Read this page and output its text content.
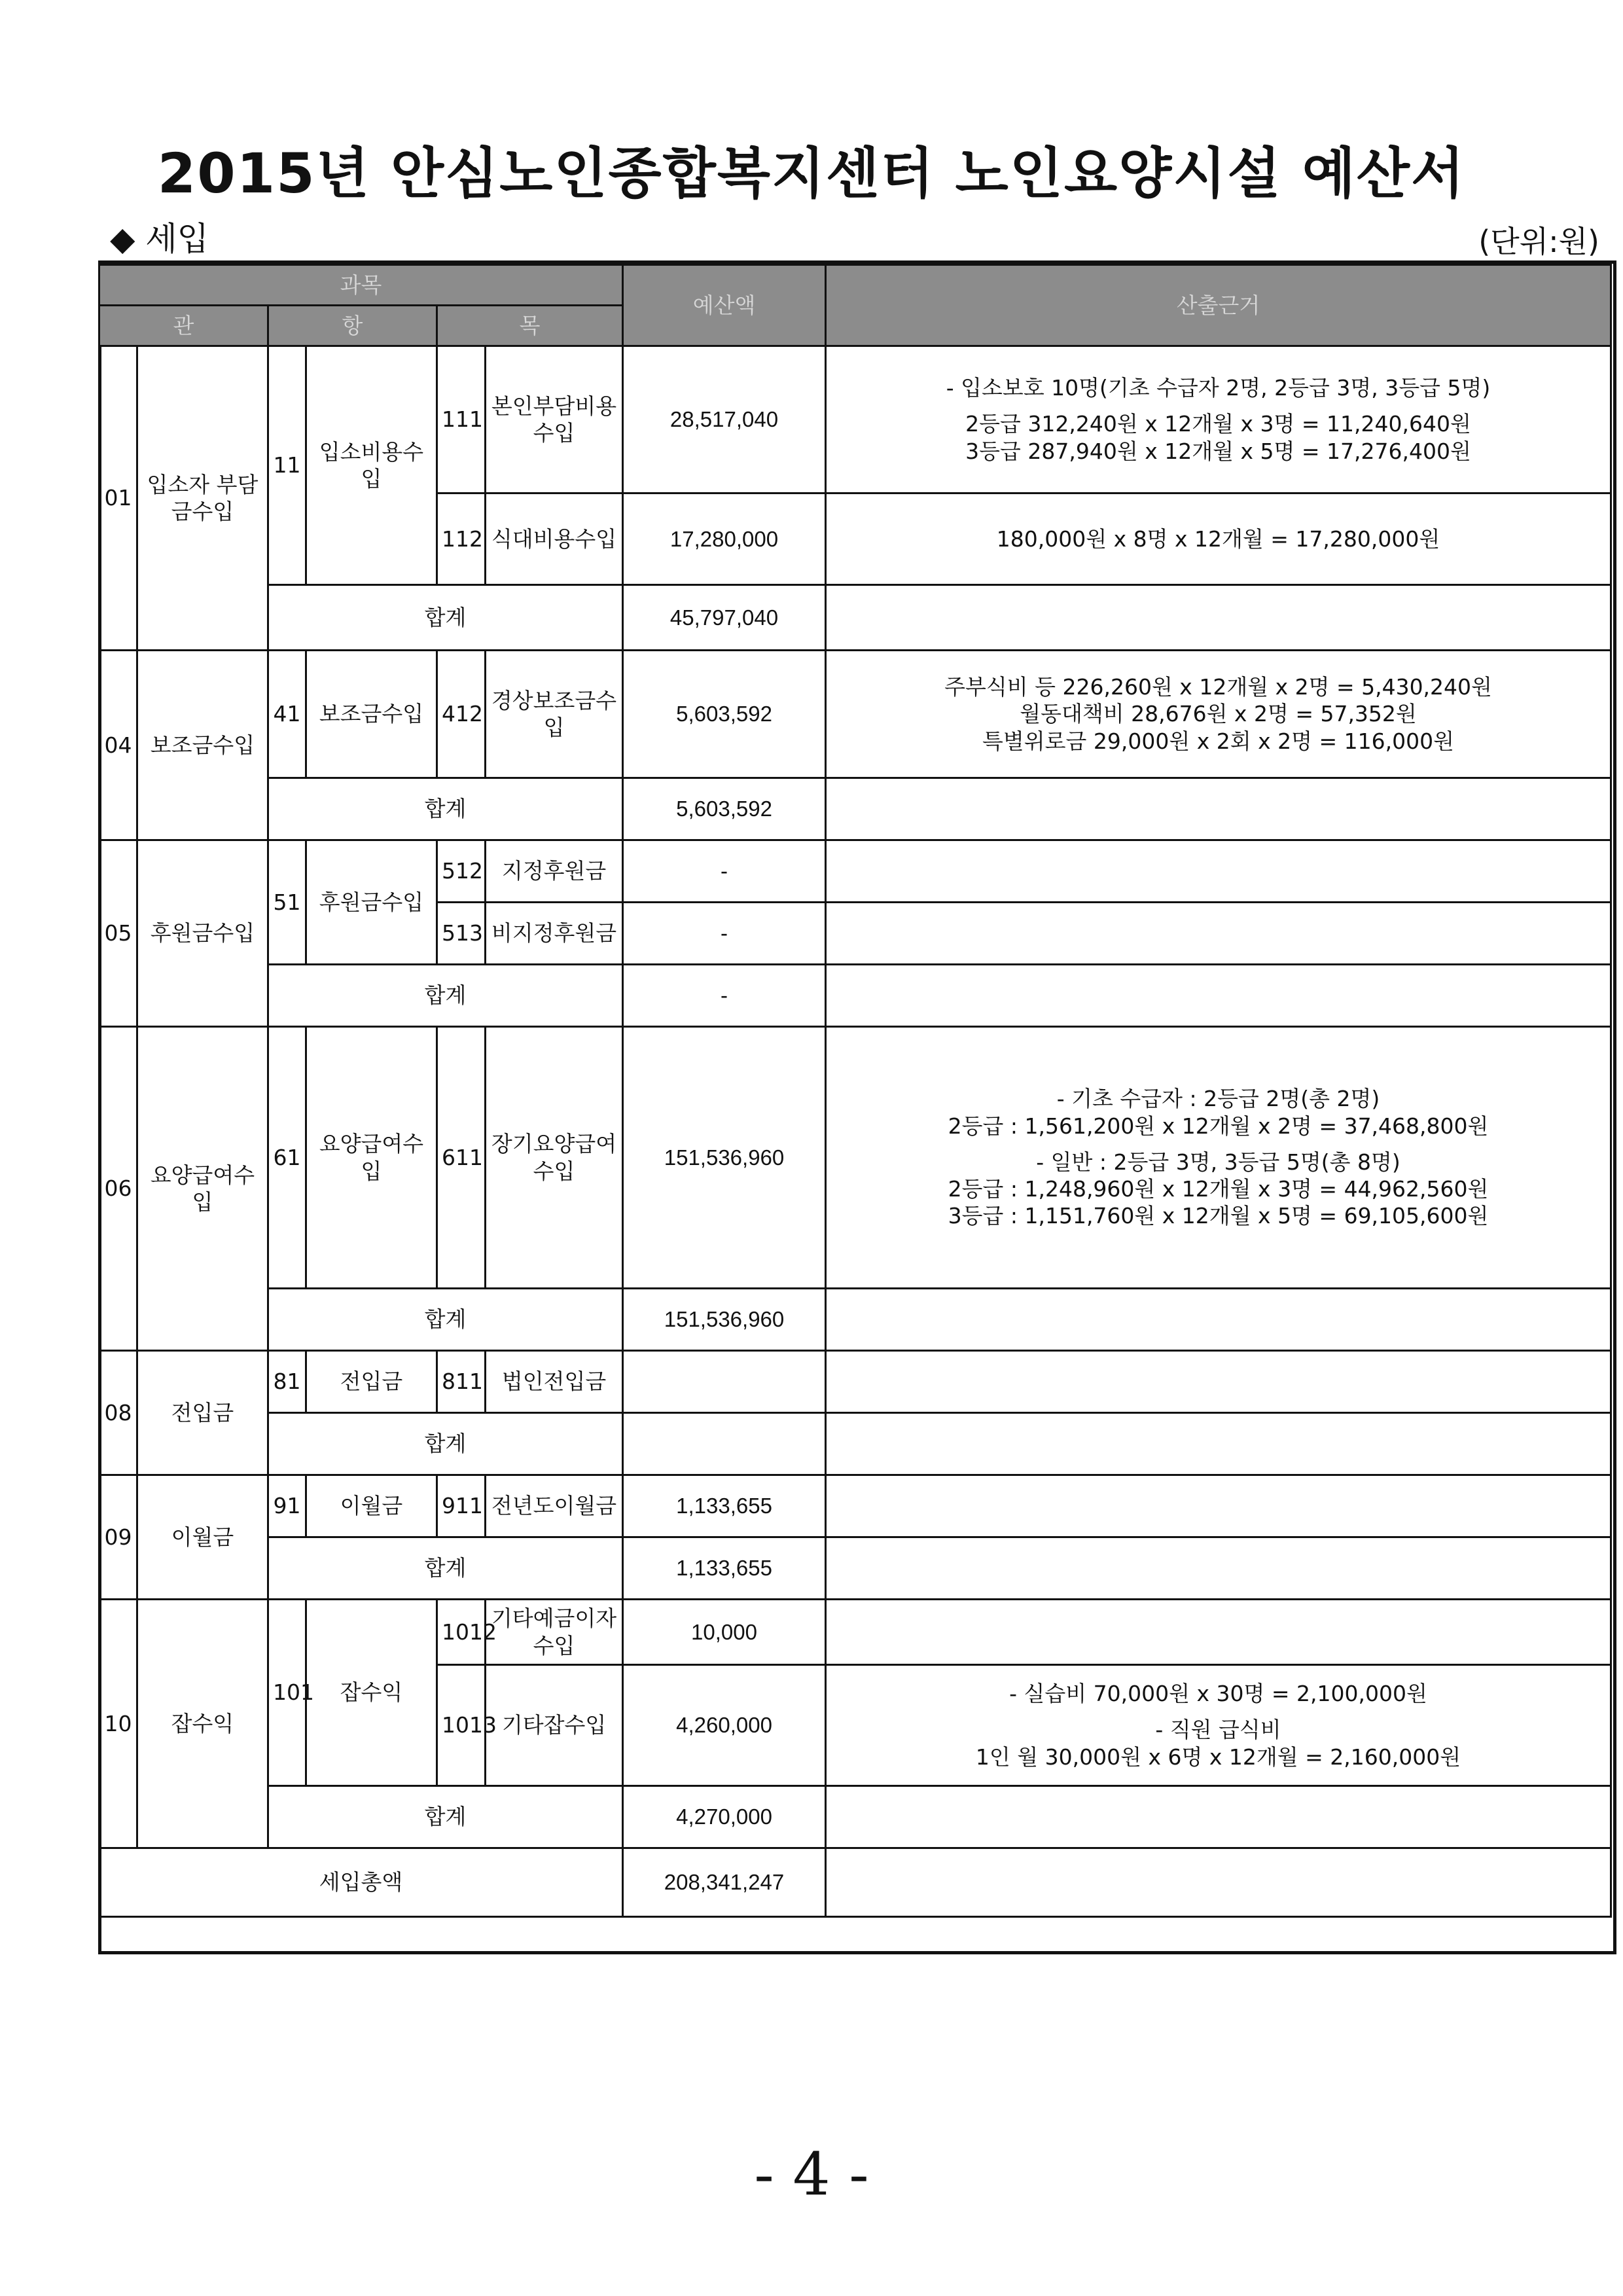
2015년 안심노인종합복지센터 노인요양시설 예산서
◆ 세입	(단위:원)
과목						예산액	산출근거
관		항		목			
01	입소자 부담금수입	11	입소비용수입	111	본인부담비용수입	28,517,040	- 입소보호 10명(기초 수급자 2명, 2등급 3명, 3등급 5명)
2등급 312,240원 x 12개월 x 3명 = 11,240,640원
3등급 287,940원 x 12개월 x 5명 = 17,276,400원

				112	식대비용수입	17,280,000	180,000원 x 8명 x 12개월 = 17,280,000원

		합계				45,797,040	
04	보조금수입	41	보조금수입	412	경상보조금수입	5,603,592	주부식비 등 226,260원 x 12개월 x 2명 = 5,430,240원
월동대책비 28,676원 x 2명 = 57,352원
특별위로금 29,000원 x 2회 x 2명 = 116,000원

		합계				5,603,592	
05	후원금수입	51	후원금수입	512	지정후원금	-	
				513	비지정후원금	-	
		합계				-	
06	요양급여수입	61	요양급여수입	611	장기요양급여수입	151,536,960	- 기초 수급자 : 2등급 2명(총 2명)
2등급 : 1,561,200원 x 12개월 x 2명 = 37,468,800원
- 일반 : 2등급 3명, 3등급 5명(총 8명)
2등급 : 1,248,960원 x 12개월 x 3명 = 44,962,560원
3등급 : 1,151,760원 x 12개월 x 5명 = 69,105,600원

		합계				151,536,960	
08	전입금	81	전입금	811	법인전입금		
		합계					
09	이월금	91	이월금	911	전년도이월금	1,133,655	
		합계				1,133,655	
10	잡수익	101	잡수익	1012	기타예금이자수입	10,000	
				1013	기타잡수입	4,260,000	- 실습비 70,000원 x 30명 = 2,100,000원
- 직원 급식비
1인 월 30,000원 x 6명 x 12개월 = 2,160,000원

		합계				4,270,000	
세입총액						208,341,247	
- 4 -
